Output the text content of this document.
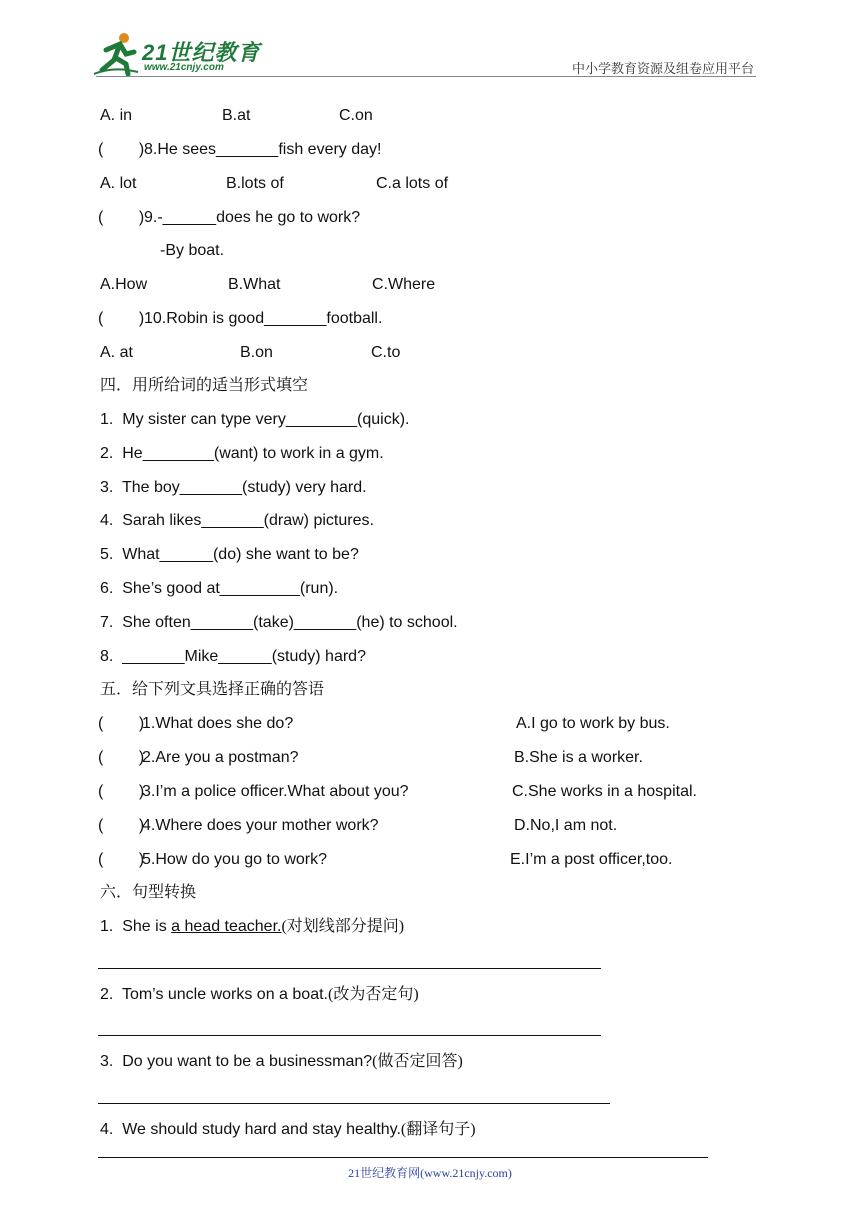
21世纪教育
www.21cnjy.com	中小学教育资源及组卷应用平台
A. in	B.at	C.on
(        ) 8.He sees_______fish every day!
A. lot	B.lots of	C.a lots of
(        ) 9.-______does he go to work?
-By boat.
A.How	B.What	C.Where
(        ) 10.Robin is good_______football.
A. at	B.on	C.to
四．用所给词的适当形式填空
1.  My sister can type very________(quick).
2.  He________(want) to work in a gym.
3.  The boy_______(study) very hard.
4.  Sarah likes_______(draw) pictures.
5.  What______(do) she want to be?
6.  She’s good at_________(run).
7.  She often_______(take)_______(he) to school.
8.  _______Mike______(study) hard?
五．给下列文具选择正确的答语
(        )
1.What does she do?	A.I go to work by bus.
(        )
2.Are you a postman?	B.She is a worker.
(        )
3.I’m a police officer.What about you?	C.She works in a hospital.
(        )
4.Where does your mother work?	D.No,I am not.
(        )
5.How do you go to work?	E.I’m a post officer,too.
六．句型转换
1.  She is a head teacher.(对划线部分提问)
2.  Tom’s uncle works on a boat.(改为否定句)
3.  Do you want to be a businessman?(做否定回答)
4.  We should study hard and stay healthy.(翻译句子)
21世纪教育网(www.21cnjy.com)
